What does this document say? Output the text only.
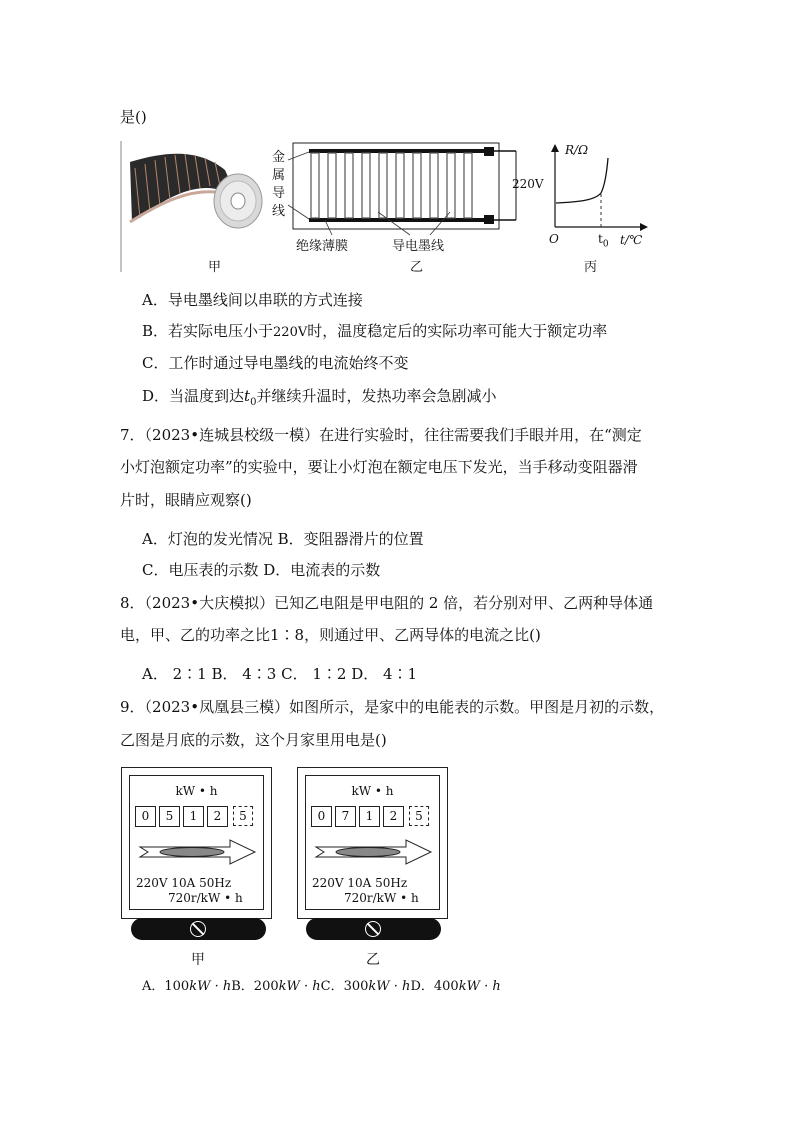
是()
金
属
导
线
220V
绝缘薄膜	导电墨线
R/Ω
O	$t_0$ t/℃
甲	乙	丙
A．导电墨线间以串联的方式连接
B．若实际电压小于220V时，温度稳定后的实际功率可能大于额定功率
C．工作时通过导电墨线的电流始终不变
D．当温度到达$t_0$并继续升温时，发热功率会急剧减小
7．（2023•连城县校级一模）在进行实验时，往往需要我们手眼并用，在“测定
小灯泡额定功率”的实验中，要让小灯泡在额定电压下发光，当手移动变阻器滑
片时，眼睛应观察()
A．灯泡的发光情况 B．变阻器滑片的位置
C．电压表的示数 D．电流表的示数
8．（2023•大庆模拟）已知乙电阻是甲电阻的 2 倍，若分别对甲、乙两种导体通
电，甲、乙的功率之比1∶8，则通过甲、乙两导体的电流之比()
A． 2∶1 B． 4∶3 C． 1∶2 D． 4∶1
9．（2023•凤凰县三模）如图所示，是家中的电能表的示数。甲图是月初的示数，
乙图是月底的示数，这个月家里用电是()
kW • h
0 5 1 2 5
220V 10A 50Hz
720r/kW • h
甲
kW • h
0 7 1 2 5
220V 10A 50Hz
720r/kW • h
乙
A．100kW · hB．200kW · hC．300kW · hD．400kW · h
